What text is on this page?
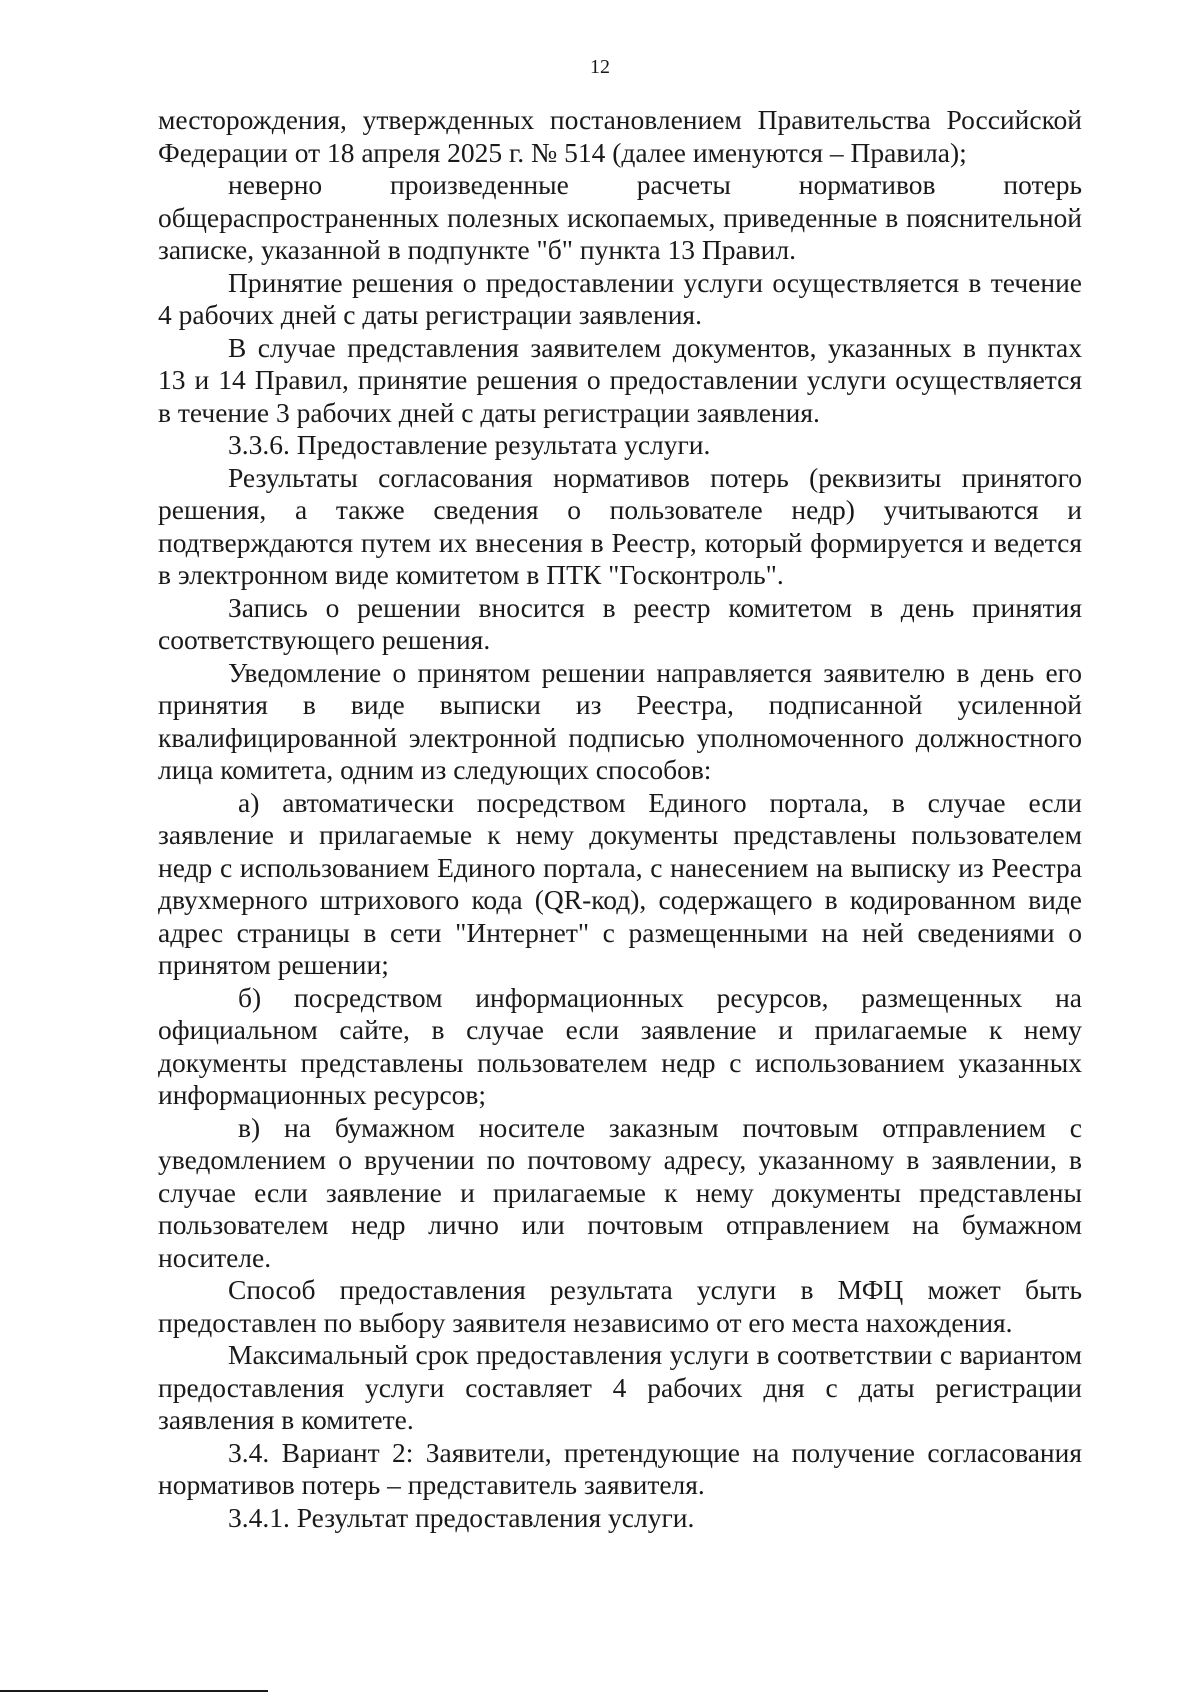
12

месторождения, утвержденных постановлением Правительства Российской Федерации от 18 апреля 2025 г. № 514 (далее именуются – Правила);

неверно произведенные расчеты нормативов потерь общераспространенных полезных ископаемых, приведенные в пояснительной записке, указанной в подпункте "б" пункта 13 Правил.

Принятие решения о предоставлении услуги осуществляется в течение 4 рабочих дней с даты регистрации заявления.

В случае представления заявителем документов, указанных в пунктах 13 и 14 Правил, принятие решения о предоставлении услуги осуществляется в течение 3 рабочих дней с даты регистрации заявления.

3.3.6. Предоставление результата услуги.

Результаты согласования нормативов потерь (реквизиты принятого решения, а также сведения о пользователе недр) учитываются и подтверждаются путем их внесения в Реестр, который формируется и ведется в электронном виде комитетом в ПТК "Госконтроль".

Запись о решении вносится в реестр комитетом в день принятия соответствующего решения.

Уведомление о принятом решении направляется заявителю в день его принятия в виде выписки из Реестра, подписанной усиленной квалифицированной электронной подписью уполномоченного должностного лица комитета, одним из следующих способов:

а) автоматически посредством Единого портала, в случае если заявление и прилагаемые к нему документы представлены пользователем недр с использованием Единого портала, с нанесением на выписку из Реестра двухмерного штрихового кода (QR-код), содержащего в кодированном виде адрес страницы в сети "Интернет" с размещенными на ней сведениями о принятом решении;

б) посредством информационных ресурсов, размещенных на официальном сайте, в случае если заявление и прилагаемые к нему документы представлены пользователем недр с использованием указанных информационных ресурсов;

в) на бумажном носителе заказным почтовым отправлением с уведомлением о вручении по почтовому адресу, указанному в заявлении, в случае если заявление и прилагаемые к нему документы представлены пользователем недр лично или почтовым отправлением на бумажном носителе.

Способ предоставления результата услуги в МФЦ может быть предоставлен по выбору заявителя независимо от его места нахождения.

Максимальный срок предоставления услуги в соответствии с вариантом предоставления услуги составляет 4 рабочих дня с даты регистрации заявления в комитете.

3.4. Вариант 2: Заявители, претендующие на получение согласования нормативов потерь – представитель заявителя.

3.4.1. Результат предоставления услуги.
